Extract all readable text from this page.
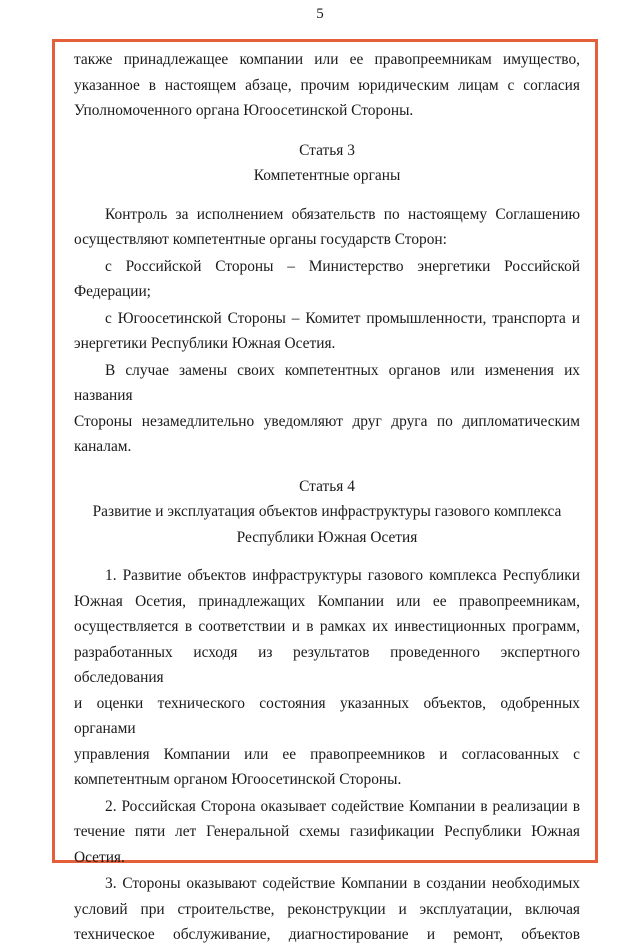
5

также принадлежащее компании или ее правопреемникам имущество,

указанное в настоящем абзаце, прочим юридическим лицам с согласия

Уполномоченного органа Югоосетинской Стороны.

Статья 3
Компетентные органы

Контроль за исполнением обязательств по настоящему Соглашению

осуществляют компетентные органы государств Сторон:

с Российской Стороны – Министерство энергетики Российской

Федерации;

с Югоосетинской Стороны – Комитет промышленности, транспорта и

энергетики Республики Южная Осетия.

В случае замены своих компетентных органов или изменения их названия

Стороны незамедлительно уведомляют друг друга по дипломатическим

каналам.

Статья 4
Развитие и эксплуатация объектов инфраструктуры газового комплекса
Республики Южная Осетия

1. Развитие объектов инфраструктуры газового комплекса Республики

Южная Осетия, принадлежащих Компании или ее правопреемникам,

осуществляется в соответствии и в рамках их инвестиционных программ,

разработанных исходя из результатов проведенного экспертного обследования

и оценки технического состояния указанных объектов, одобренных органами

управления Компании или ее правопреемников и согласованных с

компетентным органом Югоосетинской Стороны.

2. Российская Сторона оказывает содействие Компании в реализации в

течение пяти лет Генеральной схемы газификации Республики Южная Осетия.

3. Стороны оказывают содействие Компании в создании необходимых

условий при строительстве, реконструкции и эксплуатации, включая

техническое обслуживание, диагностирование и ремонт, объектов
